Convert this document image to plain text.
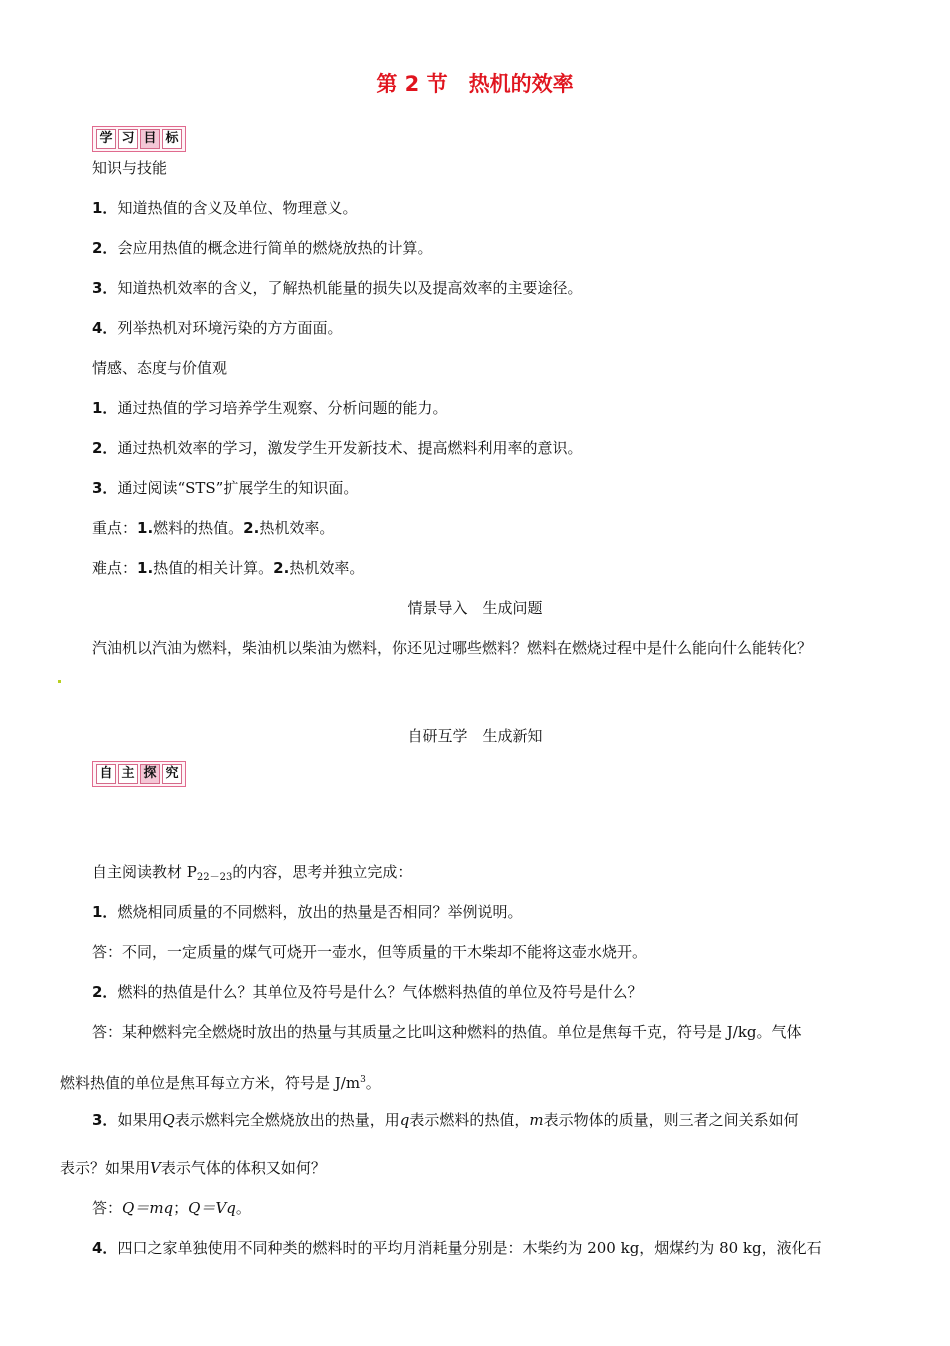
第 2 节　热机的效率
学 习 目 标
知识与技能
1．知道热值的含义及单位、物理意义。
2．会应用热值的概念进行简单的燃烧放热的计算。
3．知道热机效率的含义，了解热机能量的损失以及提高效率的主要途径。
4．列举热机对环境污染的方方面面。
情感、态度与价值观
1．通过热值的学习培养学生观察、分析问题的能力。
2．通过热机效率的学习，激发学生开发新技术、提高燃料利用率的意识。
3．通过阅读“STS”扩展学生的知识面。
重点：1.燃料的热值。2.热机效率。
难点：1.热值的相关计算。2.热机效率。
情景导入　生成问题
汽油机以汽油为燃料，柴油机以柴油为燃料，你还见过哪些燃料？燃料在燃烧过程中是什么能向什么能转化？
自研互学　生成新知
自 主 探 究
自主阅读教材 $P_{22-23}$的内容，思考并独立完成：
1．燃烧相同质量的不同燃料，放出的热量是否相同？举例说明。
答：不同，一定质量的煤气可烧开一壶水，但等质量的干木柴却不能将这壶水烧开。
2．燃料的热值是什么？其单位及符号是什么？气体燃料热值的单位及符号是什么？
答：某种燃料完全燃烧时放出的热量与其质量之比叫这种燃料的热值。单位是焦每千克，符号是 J/kg。气体
燃料热值的单位是焦耳每立方米，符号是 $J/m^3$。
3．如果用Q表示燃料完全燃烧放出的热量，用q表示燃料的热值，m表示物体的质量，则三者之间关系如何
表示？如果用V表示气体的体积又如何？
答：Q＝mq；Q＝Vq。
4．四口之家单独使用不同种类的燃料时的平均月消耗量分别是：木柴约为 200 kg，烟煤约为 80 kg，液化石
